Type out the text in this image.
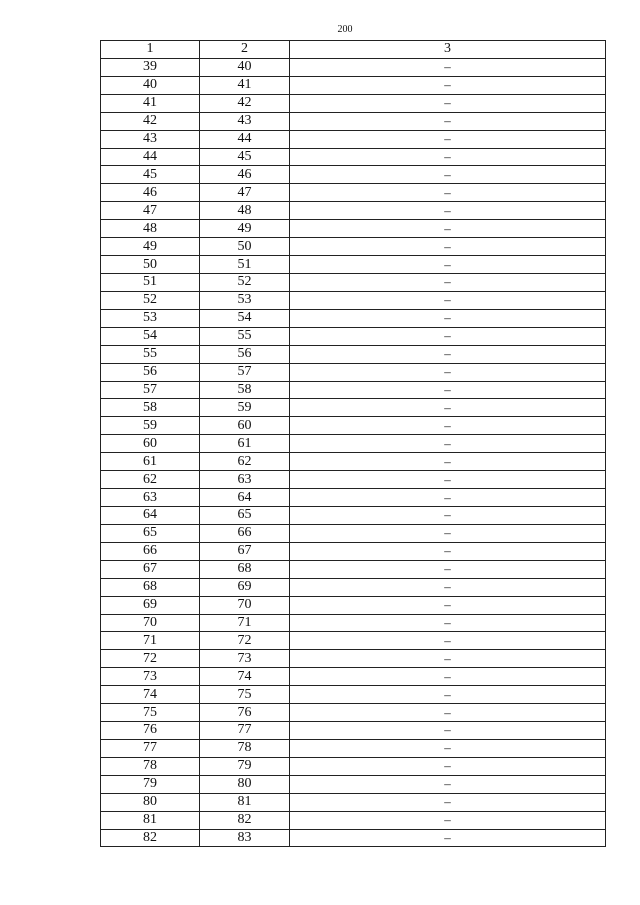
200
1	2	3
39	40	–
40	41	–
41	42	–
42	43	–
43	44	–
44	45	–
45	46	–
46	47	–
47	48	–
48	49	–
49	50	–
50	51	–
51	52	–
52	53	–
53	54	–
54	55	–
55	56	–
56	57	–
57	58	–
58	59	–
59	60	–
60	61	–
61	62	–
62	63	–
63	64	–
64	65	–
65	66	–
66	67	–
67	68	–
68	69	–
69	70	–
70	71	–
71	72	–
72	73	–
73	74	–
74	75	–
75	76	–
76	77	–
77	78	–
78	79	–
79	80	–
80	81	–
81	82	–
82	83	–
